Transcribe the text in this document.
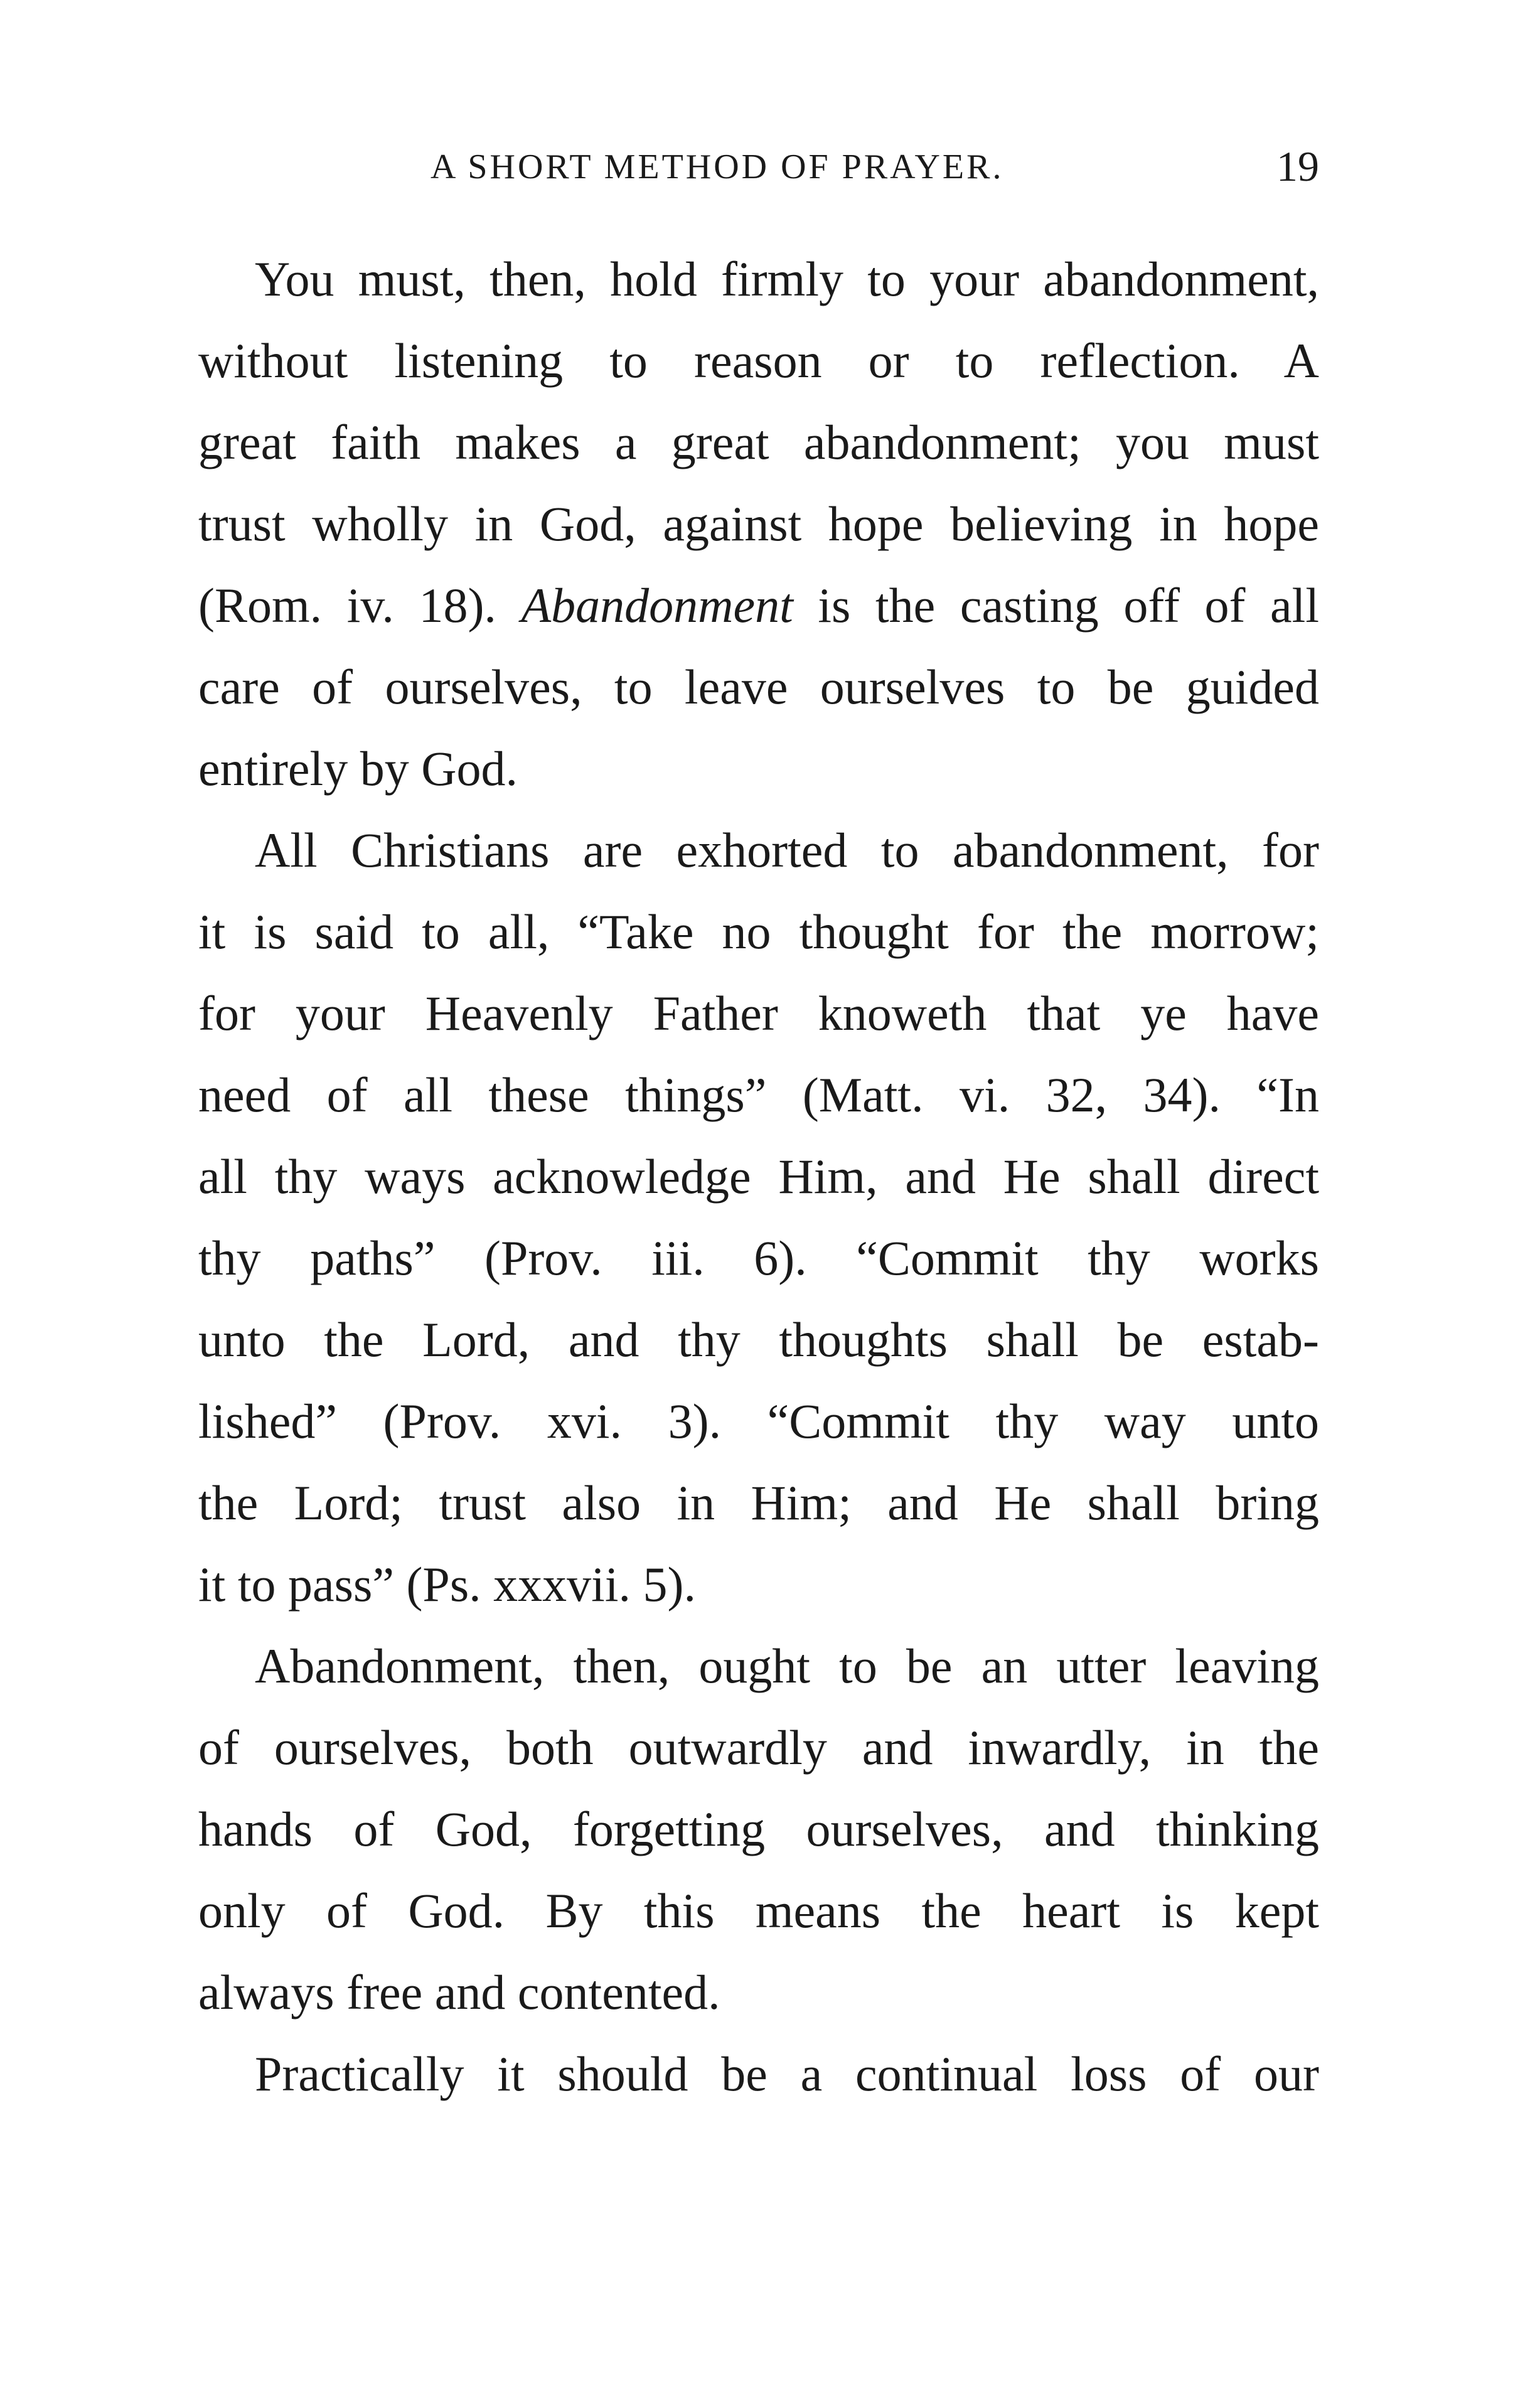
A SHORT METHOD OF PRAYER.	19
You must, then, hold firmly to your abandonment,
without listening to reason or to reflection. A
great faith makes a great abandonment; you must
trust wholly in God, against hope believing in hope
(Rom. iv. 18). Abandonment is the casting off of all
care of ourselves, to leave ourselves to be guided
entirely by God.
All Christians are exhorted to abandonment, for
it is said to all, “Take no thought for the morrow;
for your Heavenly Father knoweth that ye have
need of all these things” (Matt. vi. 32, 34). “In
all thy ways acknowledge Him, and He shall direct
thy paths” (Prov. iii. 6). “Commit thy works
unto the Lord, and thy thoughts shall be estab-
lished” (Prov. xvi. 3). “Commit thy way unto
the Lord; trust also in Him; and He shall bring
it to pass” (Ps. xxxvii. 5).
Abandonment, then, ought to be an utter leaving
of ourselves, both outwardly and inwardly, in the
hands of God, forgetting ourselves, and thinking
only of God. By this means the heart is kept
always free and contented.
Practically it should be a continual loss of our
